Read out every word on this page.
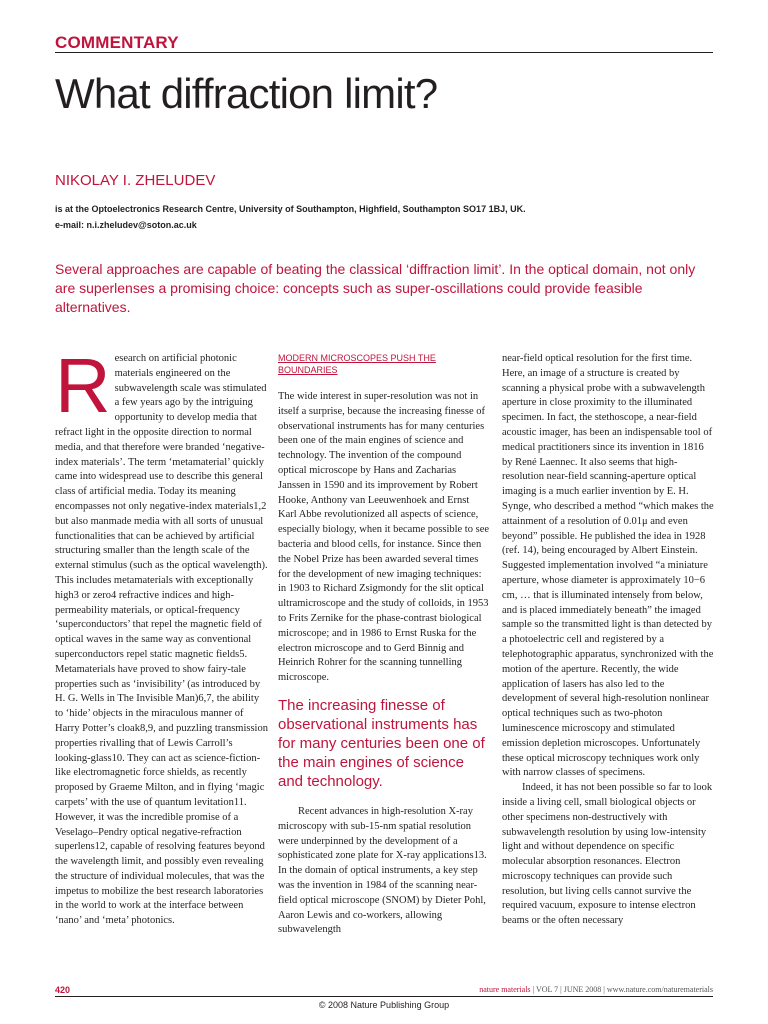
COMMENTARY
What diffraction limit?
NIKOLAY I. ZHELUDEV
is at the Optoelectronics Research Centre, University of Southampton, Highfield, Southampton SO17 1BJ, UK.
e-mail: n.i.zheludev@soton.ac.uk
Several approaches are capable of beating the classical ‘diffraction limit’. In the optical domain, not only are superlenses a promising choice: concepts such as super-oscillations could provide feasible alternatives.
R esearch on artificial photonic materials engineered on the subwavelength scale was stimulated a few years ago by the intriguing opportunity to develop media that refract light in the opposite direction to normal media, and that therefore were branded ‘negative-index materials’. The term ‘metamaterial’ quickly came into widespread use to describe this general class of artificial media. Today its meaning encompasses not only negative-index materials1,2 but also manmade media with all sorts of unusual functionalities that can be achieved by artificial structuring smaller than the length scale of the external stimulus (such as the optical wavelength). This includes metamaterials with exceptionally high3 or zero4 refractive indices and high-permeability materials, or optical-frequency ‘superconductors’ that repel the magnetic field of optical waves in the same way as conventional superconductors repel static magnetic fields5. Metamaterials have proved to show fairy-tale properties such as ‘invisibility’ (as introduced by H. G. Wells in The Invisible Man)6,7, the ability to ‘hide’ objects in the miraculous manner of Harry Potter’s cloak8,9, and puzzling transmission properties rivalling that of Lewis Carroll’s looking-glass10. They can act as science-fiction-like electromagnetic force shields, as recently proposed by Graeme Milton, and in flying ‘magic carpets’ with the use of quantum levitation11. However, it was the incredible promise of a Veselago–Pendry optical negative-refraction superlens12, capable of resolving features beyond the wavelength limit, and possibly even revealing the structure of individual molecules, that was the impetus to mobilize the best research laboratories in the world to work at the interface between ‘nano’ and ‘meta’ photonics.

MODERN MICROSCOPES PUSH THE BOUNDARIES

The wide interest in super-resolution was not in itself a surprise, because the increasing finesse of observational instruments has for many centuries been one of the main engines of science and technology. The invention of the compound optical microscope by Hans and Zacharias Janssen in 1590 and its improvement by Robert Hooke, Anthony van Leeuwenhoek and Ernst Karl Abbe revolutionized all aspects of science, especially biology, when it became possible to see bacteria and blood cells, for instance. Since then the Nobel Prize has been awarded several times for the development of new imaging techniques: in 1903 to Richard Zsigmondy for the slit optical ultramicroscope and the study of colloids, in 1953 to Frits Zernike for the phase-contrast biological microscope; and in 1986 to Ernst Ruska for the electron microscope and to Gerd Binnig and Heinrich Rohrer for the scanning tunnelling microscope.

The increasing finesse of observational instruments has for many centuries been one of the main engines of science and technology.

Recent advances in high-resolution X-ray microscopy with sub-15-nm spatial resolution were underpinned by the development of a sophisticated zone plate for X-ray applications13. In the domain of optical instruments, a key step was the invention in 1984 of the scanning near-field optical microscope (SNOM) by Dieter Pohl, Aaron Lewis and co-workers, allowing subwavelength

near-field optical resolution for the first time. Here, an image of a structure is created by scanning a physical probe with a subwavelength aperture in close proximity to the illuminated specimen. In fact, the stethoscope, a near-field acoustic imager, has been an indispensable tool of medical practitioners since its invention in 1816 by René Laennec. It also seems that high-resolution near-field scanning-aperture optical imaging is a much earlier invention by E. H. Synge, who described a method “which makes the attainment of a resolution of 0.01μ and even beyond” possible. He published the idea in 1928 (ref. 14), being encouraged by Albert Einstein. Suggested implementation involved “a miniature aperture, whose diameter is approximately 10−6 cm, … that is illuminated intensely from below, and is placed immediately beneath” the imaged sample so the transmitted light is than detected by a photoelectric cell and registered by a telephotographic apparatus, synchronized with the motion of the aperture. Recently, the wide application of lasers has also led to the development of several high-resolution nonlinear optical techniques such as two-photon luminescence microscopy and stimulated emission depletion microscopes. Unfortunately these optical microscopy techniques work only with narrow classes of specimens.

Indeed, it has not been possible so far to look inside a living cell, small biological objects or other specimens non-destructively with subwavelength resolution by using low-intensity light and without dependence on specific molecular absorption resonances. Electron microscopy techniques can provide such resolution, but living cells cannot survive the required vacuum, exposure to intense electron beams or the often necessary

420	nature materials | VOL 7 | JUNE 2008 | www.nature.com/naturematerials
© 2008 Nature Publishing Group
